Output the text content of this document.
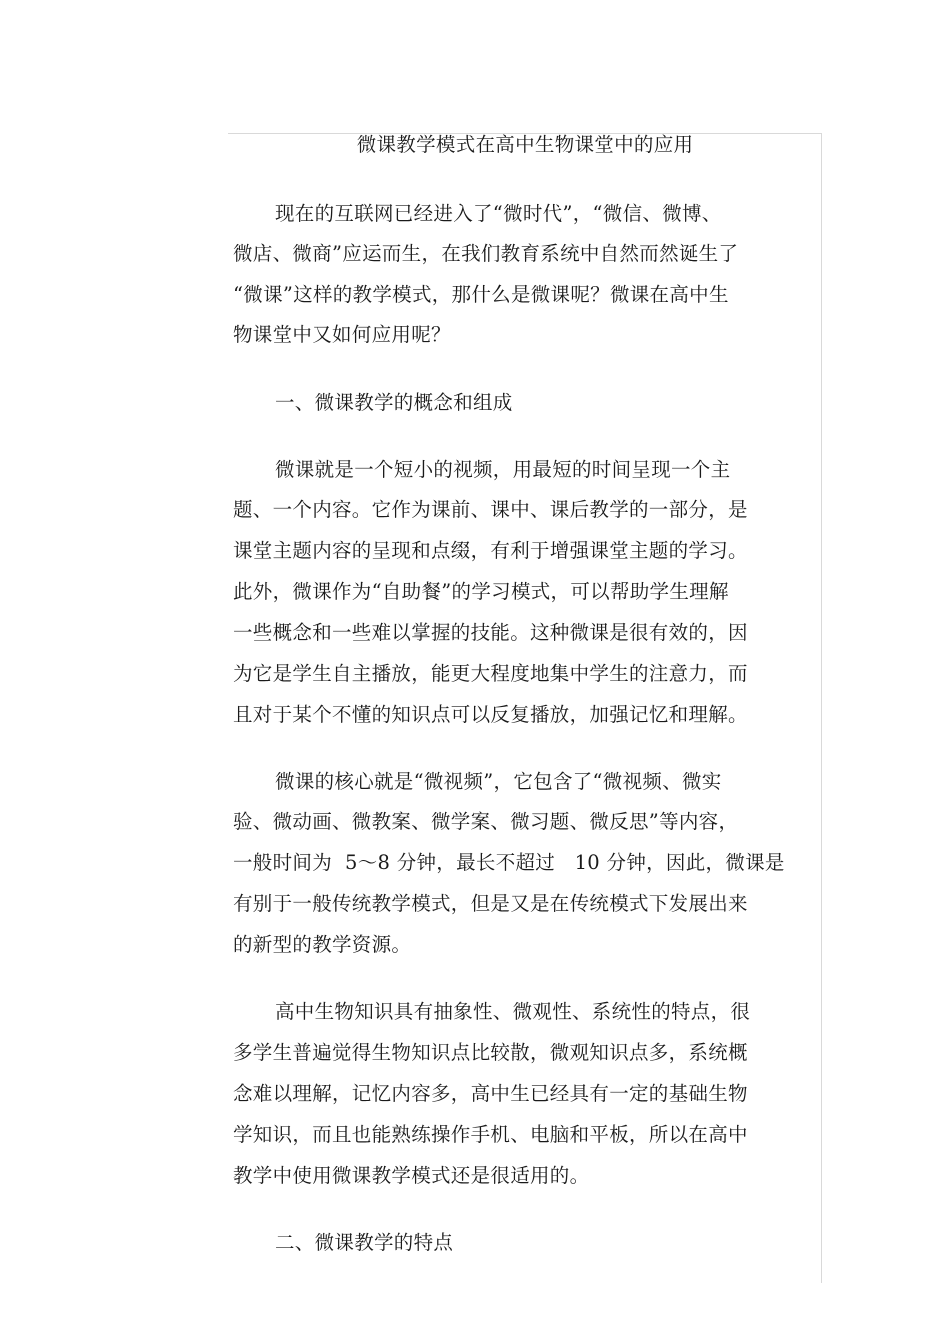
微课教学模式在高中生物课堂中的应用
现在的互联网已经进入了“微时代”，“微信、微博、
微店、微商”应运而生，在我们教育系统中自然而然诞生了
“微课”这样的教学模式，那什么是微课呢？微课在高中生
物课堂中又如何应用呢？
一、微课教学的概念和组成
微课就是一个短小的视频，用最短的时间呈现一个主
题、一个内容。它作为课前、课中、课后教学的一部分，是
课堂主题内容的呈现和点缀，有利于增强课堂主题的学习。
此外，微课作为“自助餐”的学习模式，可以帮助学生理解
一些概念和一些难以掌握的技能。这种微课是很有效的，因
为它是学生自主播放，能更大程度地集中学生的注意力，而
且对于某个不懂的知识点可以反复播放，加强记忆和理解。
微课的核心就是“微视频”，它包含了“微视频、微实
验、微动画、微教案、微学案、微习题、微反思”等内容，
一般时间为  5～8 分钟，最长不超过   10 分钟，因此，微课是
有别于一般传统教学模式，但是又是在传统模式下发展出来
的新型的教学资源。
高中生物知识具有抽象性、微观性、系统性的特点，很
多学生普遍觉得生物知识点比较散，微观知识点多，系统概
念难以理解，记忆内容多，高中生已经具有一定的基础生物
学知识，而且也能熟练操作手机、电脑和平板，所以在高中
教学中使用微课教学模式还是很适用的。
二、微课教学的特点
